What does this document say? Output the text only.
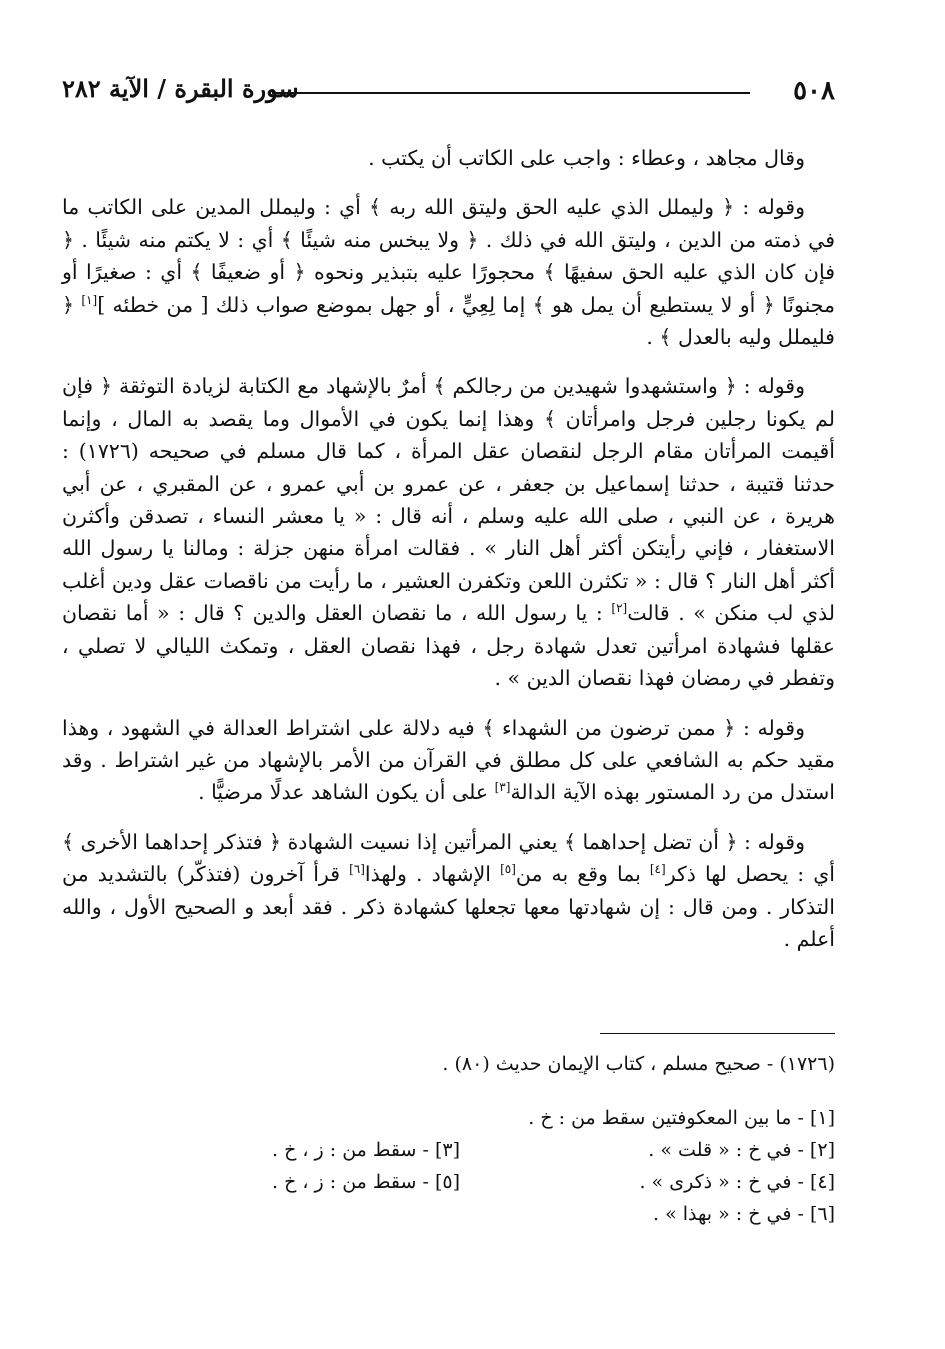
٥٠٨
سورة البقرة / الآية ٢٨٢

وقال مجاهد ، وعطاء : واجب على الكاتب أن يكتب .

وقوله : ﴿ وليملل الذي عليه الحق وليتق الله ربه ﴾ أي : وليملل المدين على الكاتب ما في ذمته من الدين ، وليتق الله في ذلك . ﴿ ولا يبخس منه شيئًا ﴾ أي : لا يكتم منه شيئًا . ﴿ فإن كان الذي عليه الحق سفيهًا ﴾ محجورًا عليه بتبذير ونحوه ﴿ أو ضعيفًا ﴾ أي : صغيرًا أو مجنونًا ﴿ أو لا يستطيع أن يمل هو ﴾ إما لِعِيٍّ ، أو جهل بموضع صواب ذلك [ من خطئه ][١] ﴿ فليملل وليه بالعدل ﴾ .

وقوله : ﴿ واستشهدوا شهيدين من رجالكم ﴾ أمرٌ بالإشهاد مع الكتابة لزيادة التوثقة ﴿ فإن لم يكونا رجلين فرجل وامرأتان ﴾ وهذا إنما يكون في الأموال وما يقصد به المال ، وإنما أقيمت المرأتان مقام الرجل لنقصان عقل المرأة ، كما قال مسلم في صحيحه (١٧٢٦) : حدثنا قتيبة ، حدثنا إسماعيل بن جعفر ، عن عمرو بن أبي عمرو ، عن المقبري ، عن أبي هريرة ، عن النبي ، صلى الله عليه وسلم ، أنه قال : « يا معشر النساء ، تصدقن وأكثرن الاستغفار ، فإني رأيتكن أكثر أهل النار » . فقالت امرأة منهن جزلة : ومالنا يا رسول الله أكثر أهل النار ؟ قال : « تكثرن اللعن وتكفرن العشير ، ما رأيت من ناقصات عقل ودين أغلب لذي لب منكن » . قالت[٢] : يا رسول الله ، ما نقصان العقل والدين ؟ قال : « أما نقصان عقلها فشهادة امرأتين تعدل شهادة رجل ، فهذا نقصان العقل ، وتمكث الليالي لا تصلي ، وتفطر في رمضان فهذا نقصان الدين » .

وقوله : ﴿ ممن ترضون من الشهداء ﴾ فيه دلالة على اشتراط العدالة في الشهود ، وهذا مقيد حكم به الشافعي على كل مطلق في القرآن من الأمر بالإشهاد من غير اشتراط . وقد استدل من رد المستور بهذه الآية الدالة[٣] على أن يكون الشاهد عدلًا مرضيًّا .

وقوله : ﴿ أن تضل إحداهما ﴾ يعني المرأتين إذا نسيت الشهادة ﴿ فتذكر إحداهما الأخرى ﴾ أي : يحصل لها ذكر[٤] بما وقع به من[٥] الإشهاد . ولهذا[٦] قرأ آخرون (فتذكّر) بالتشديد من التذكار . ومن قال : إن شهادتها معها تجعلها كشهادة ذكر . فقد أبعد و الصحيح الأول ، والله أعلم .

(١٧٢٦) - صحيح مسلم ، كتاب الإيمان حديث (٨٠) .

[١] - ما بين المعكوفتين سقط من : خ .
[٢] - في خ : « قلت » .
[٣] - سقط من : ز ، خ .
[٤] - في خ : « ذكرى » .
[٥] - سقط من : ز ، خ .
[٦] - في خ : « بهذا » .
